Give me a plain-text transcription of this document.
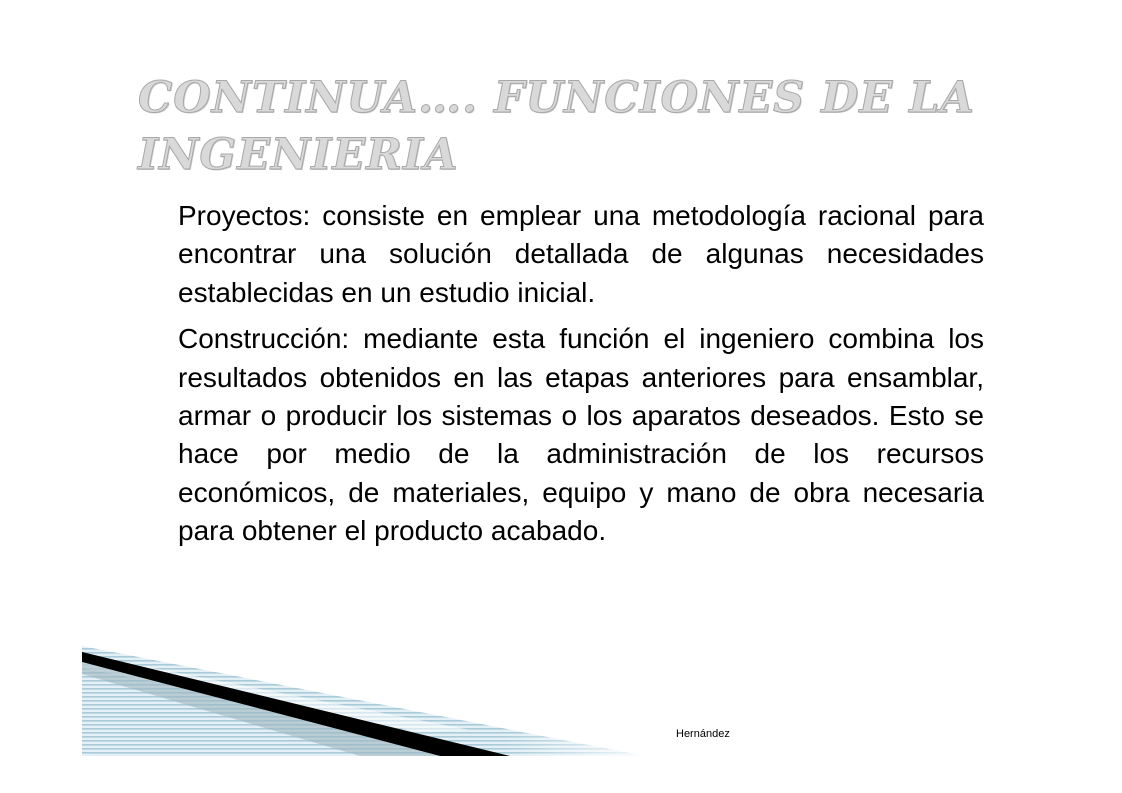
CONTINUA…. FUNCIONES DE LA INGENIERIA

Proyectos: consiste en emplear una metodología racional para encontrar una solución detallada de algunas necesidades establecidas en un estudio inicial.

Construcción: mediante esta función el ingeniero combina los resultados obtenidos en las etapas anteriores para ensamblar, armar o producir los sistemas o los aparatos deseados. Esto se hace por medio de la administración de los recursos económicos, de materiales, equipo y mano de obra necesaria para obtener el producto acabado.

Hernández
